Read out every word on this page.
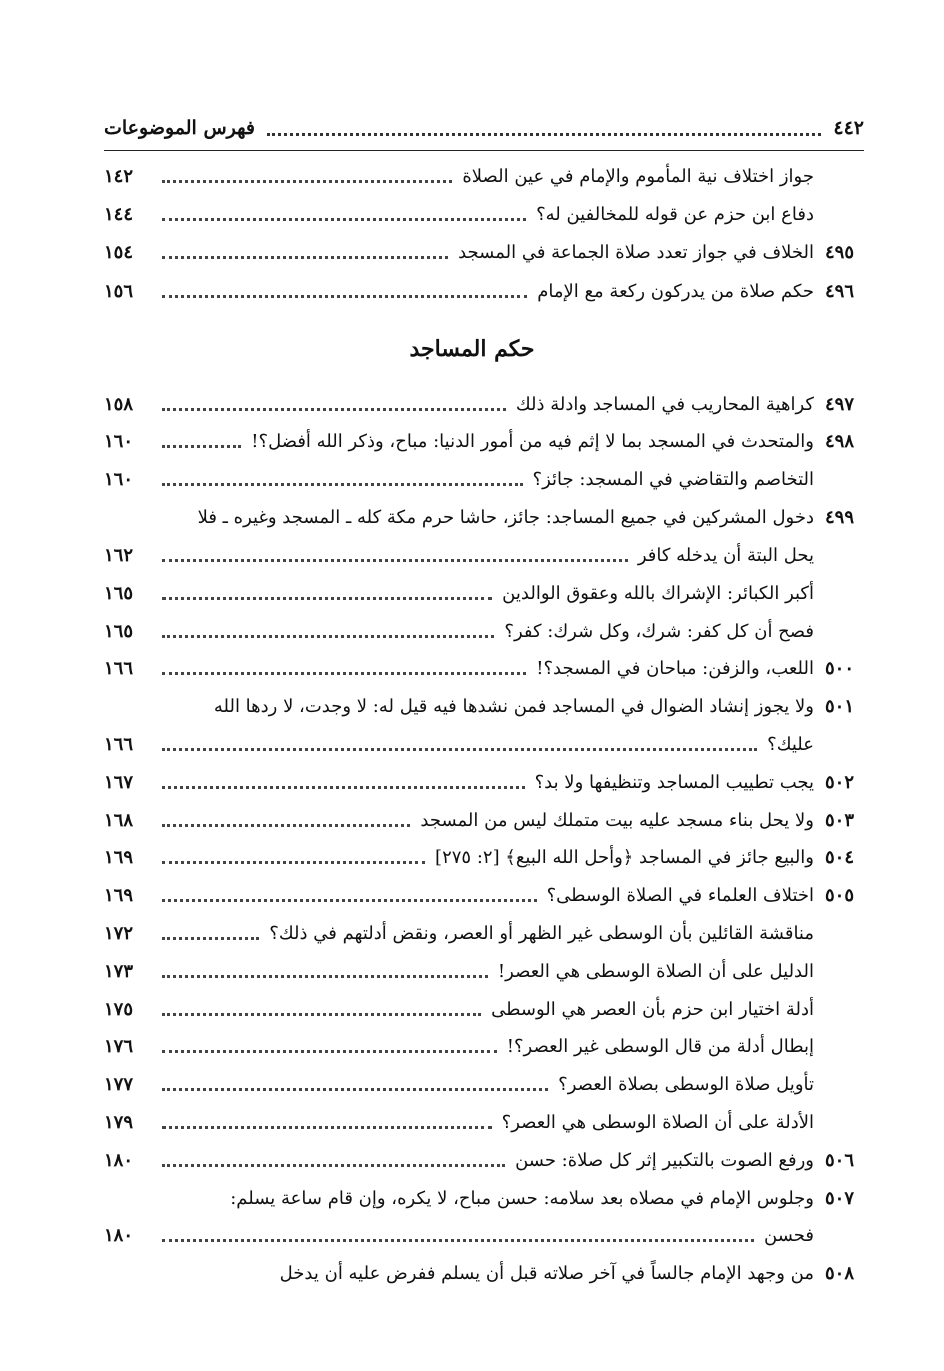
٤٤٢
فهرس الموضوعات
جواز اختلاف نية المأموم والإمام في عين الصلاة
١٤٢
دفاع ابن حزم عن قوله للمخالفين له؟
١٤٤
٤٩٥
الخلاف في جواز تعدد صلاة الجماعة في المسجد
١٥٤
٤٩٦
حكم صلاة من يدركون ركعة مع الإمام
١٥٦
حكم المساجد
٤٩٧
كراهية المحاريب في المساجد وادلة ذلك
١٥٨
٤٩٨
والمتحدث في المسجد بما لا إثم فيه من أمور الدنيا: مباح، وذكر الله أفضل؟!
١٦٠
التخاصم والتقاضي في المسجد: جائز؟
١٦٠
٤٩٩
دخول المشركين في جميع المساجد: جائز، حاشا حرم مكة كله ـ المسجد وغيره ـ فلا
يحل البتة أن يدخله كافر
١٦٢
أكبر الكبائر: الإشراك بالله وعقوق الوالدين
١٦٥
فصح أن كل كفر: شرك، وكل شرك: كفر؟
١٦٥
٥٠٠
اللعب، والزفن: مباحان في المسجد؟!
١٦٦
٥٠١
ولا يجوز إنشاد الضوال في المساجد فمن نشدها فيه قيل له: لا وجدت، لا ردها الله
عليك؟
١٦٦
٥٠٢
يجب تطييب المساجد وتنظيفها ولا بد؟
١٦٧
٥٠٣
ولا يحل بناء مسجد عليه بيت متملك ليس من المسجد
١٦٨
٥٠٤
والبيع جائز في المساجد ﴿وأحل الله البيع﴾ [٢: ٢٧٥]
١٦٩
٥٠٥
اختلاف العلماء في الصلاة الوسطى؟
١٦٩
مناقشة القائلين بأن الوسطى غير الظهر أو العصر، ونقض أدلتهم في ذلك؟
١٧٢
الدليل على أن الصلاة الوسطى هي العصر!
١٧٣
أدلة اختيار ابن حزم بأن العصر هي الوسطى
١٧٥
إبطال أدلة من قال الوسطى غير العصر؟!
١٧٦
تأويل صلاة الوسطى بصلاة العصر؟
١٧٧
الأدلة على أن الصلاة الوسطى هي العصر؟
١٧٩
٥٠٦
ورفع الصوت بالتكبير إثر كل صلاة: حسن
١٨٠
٥٠٧
وجلوس الإمام في مصلاه بعد سلامه: حسن مباح، لا يكره، وإن قام ساعة يسلم:
فحسن
١٨٠
٥٠٨
من وجهد الإمام جالساً في آخر صلاته قبل أن يسلم ففرض عليه أن يدخل
